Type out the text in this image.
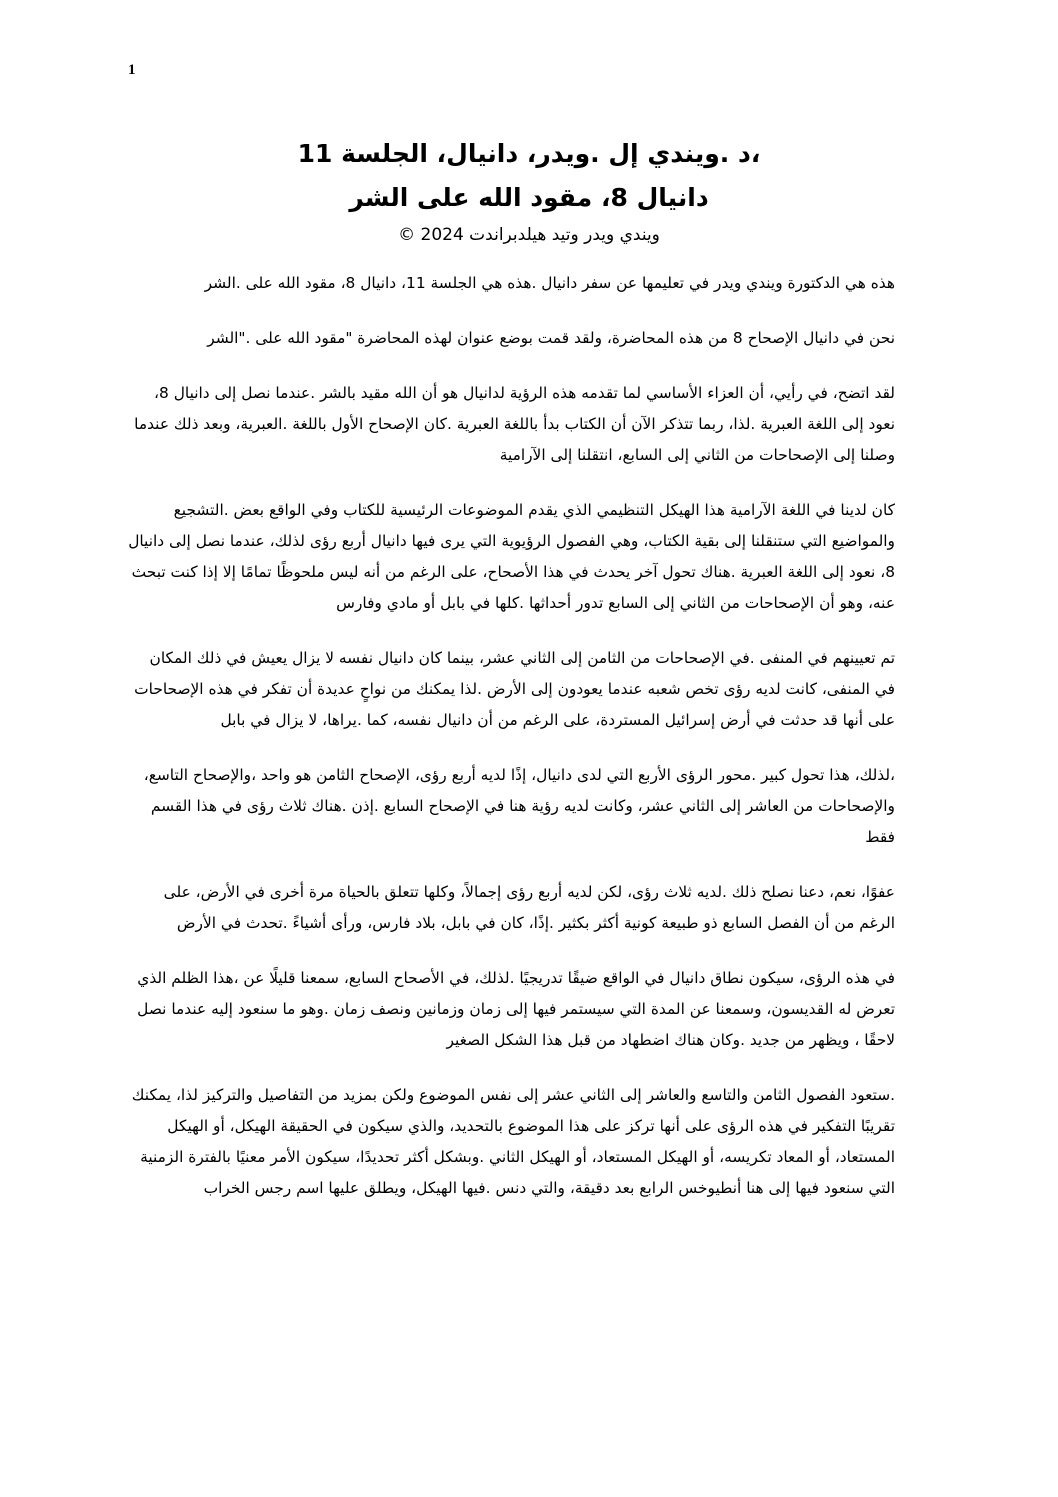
1

،د .ويندي إل .ويدر، دانيال، الجلسة 11

دانيال 8، مقود الله على الشر

ويندي ويدر وتيد هيلدبراندت 2024 ©

هذه هي الدكتورة ويندي ويدر في تعليمها عن سفر دانيال .هذه هي الجلسة 11، دانيال 8، مقود الله على .الشر

نحن في دانيال الإصحاح 8 من هذه المحاضرة، ولقد قمت بوضع عنوان لهذه المحاضرة "مقود الله على ."الشر

لقد اتضح، في رأيي، أن العزاء الأساسي لما تقدمه هذه الرؤية لدانيال هو أن الله مقيد بالشر .عندما نصل إلى دانيال 8، نعود إلى اللغة العبرية .لذا، ربما تتذكر الآن أن الكتاب بدأ باللغة العبرية .كان الإصحاح الأول باللغة .العبرية، وبعد ذلك عندما وصلنا إلى الإصحاحات من الثاني إلى السابع، انتقلنا إلى الآرامية

كان لدينا في اللغة الآرامية هذا الهيكل التنظيمي الذي يقدم الموضوعات الرئيسية للكتاب وفي الواقع بعض .التشجيع والمواضيع التي ستنقلنا إلى بقية الكتاب، وهي الفصول الرؤيوية التي يرى فيها دانيال أربع رؤى لذلك، عندما نصل إلى دانيال 8، نعود إلى اللغة العبرية .هناك تحول آخر يحدث في هذا الأصحاح، على الرغم من أنه ليس ملحوظًا تمامًا إلا إذا كنت تبحث عنه، وهو أن الإصحاحات من الثاني إلى السابع تدور أحداثها .كلها في بابل أو مادي وفارس

تم تعيينهم في المنفى .في الإصحاحات من الثامن إلى الثاني عشر، بينما كان دانيال نفسه لا يزال يعيش في ذلك المكان في المنفى، كانت لديه رؤى تخص شعبه عندما يعودون إلى الأرض .لذا يمكنك من نواحٍ عديدة أن تفكر في هذه الإصحاحات على أنها قد حدثت في أرض إسرائيل المستردة، على الرغم من أن دانيال نفسه، كما .يراها، لا يزال في بابل

،لذلك، هذا تحول كبير .محور الرؤى الأربع التي لدى دانيال، إذًا لديه أربع رؤى، الإصحاح الثامن هو واحد ،والإصحاح التاسع، والإصحاحات من العاشر إلى الثاني عشر، وكانت لديه رؤية هنا في الإصحاح السابع .إذن .هناك ثلاث رؤى في هذا القسم فقط

عفوًا، نعم، دعنا نصلح ذلك .لديه ثلاث رؤى، لكن لديه أربع رؤى إجمالاً، وكلها تتعلق بالحياة مرة أخرى في الأرض، على الرغم من أن الفصل السابع ذو طبيعة كونية أكثر بكثير .إذًا، كان في بابل، بلاد فارس، ورأى أشياءً .تحدث في الأرض

في هذه الرؤى، سيكون نطاق دانيال في الواقع ضيقًا تدريجيًا .لذلك، في الأصحاح السابع، سمعنا قليلًا عن ،هذا الظلم الذي تعرض له القديسون، وسمعنا عن المدة التي سيستمر فيها إلى زمان وزمانين ونصف زمان .وهو ما سنعود إليه عندما نصل لاحقًا ، ويظهر من جديد .وكان هناك اضطهاد من قبل هذا الشكل الصغير

.ستعود الفصول الثامن والتاسع والعاشر إلى الثاني عشر إلى نفس الموضوع ولكن بمزيد من التفاصيل والتركيز لذا، يمكنك تقريبًا التفكير في هذه الرؤى على أنها تركز على هذا الموضوع بالتحديد، والذي سيكون في الحقيقة الهيكل، أو الهيكل المستعاد، أو المعاد تكريسه، أو الهيكل المستعاد، أو الهيكل الثاني .وبشكل أكثر تحديدًا، سيكون الأمر معنيًا بالفترة الزمنية التي سنعود فيها إلى هنا أنطيوخس الرابع بعد دقيقة، والتي دنس .فيها الهيكل، ويطلق عليها اسم رجس الخراب
